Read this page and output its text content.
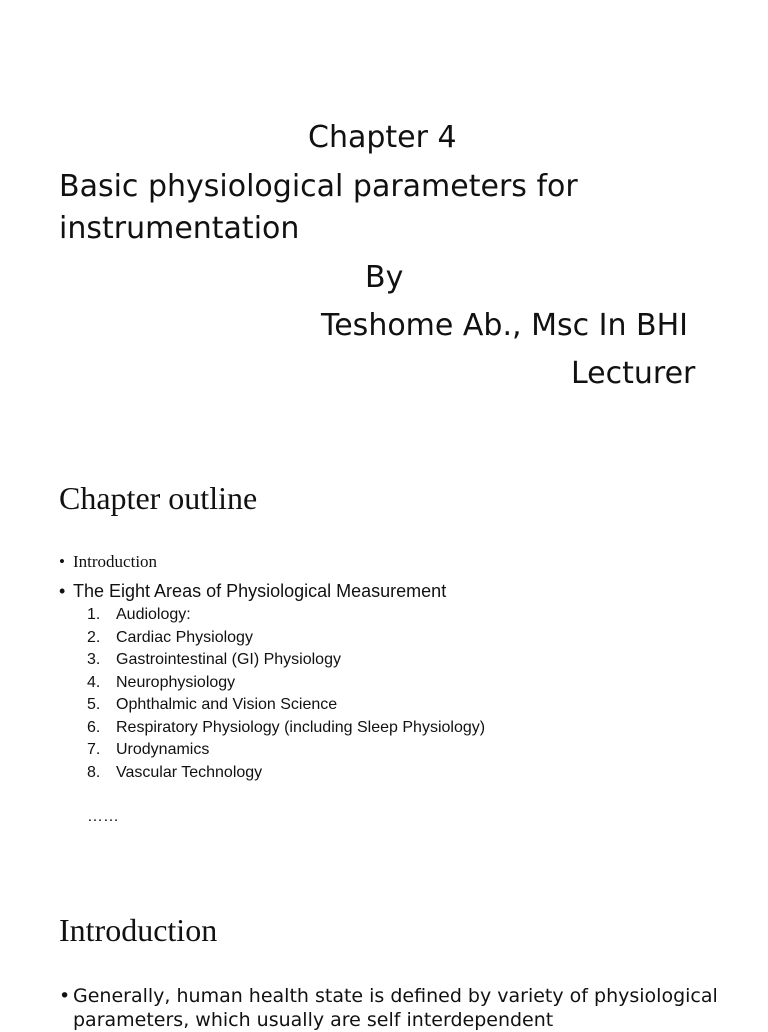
Chapter 4
Basic physiological parameters for instrumentation
By
Teshome Ab., Msc In BHI
Lecturer
Chapter outline
• Introduction
• The Eight Areas of Physiological Measurement
1. Audiology:
2. Cardiac Physiology
3. Gastrointestinal (GI) Physiology
4. Neurophysiology
5. Ophthalmic and Vision Science
6. Respiratory Physiology (including Sleep Physiology)
7. Urodynamics
8. Vascular Technology
……
Introduction
• Generally, human health state is defined by variety of physiological parameters, which usually are self interdependent
